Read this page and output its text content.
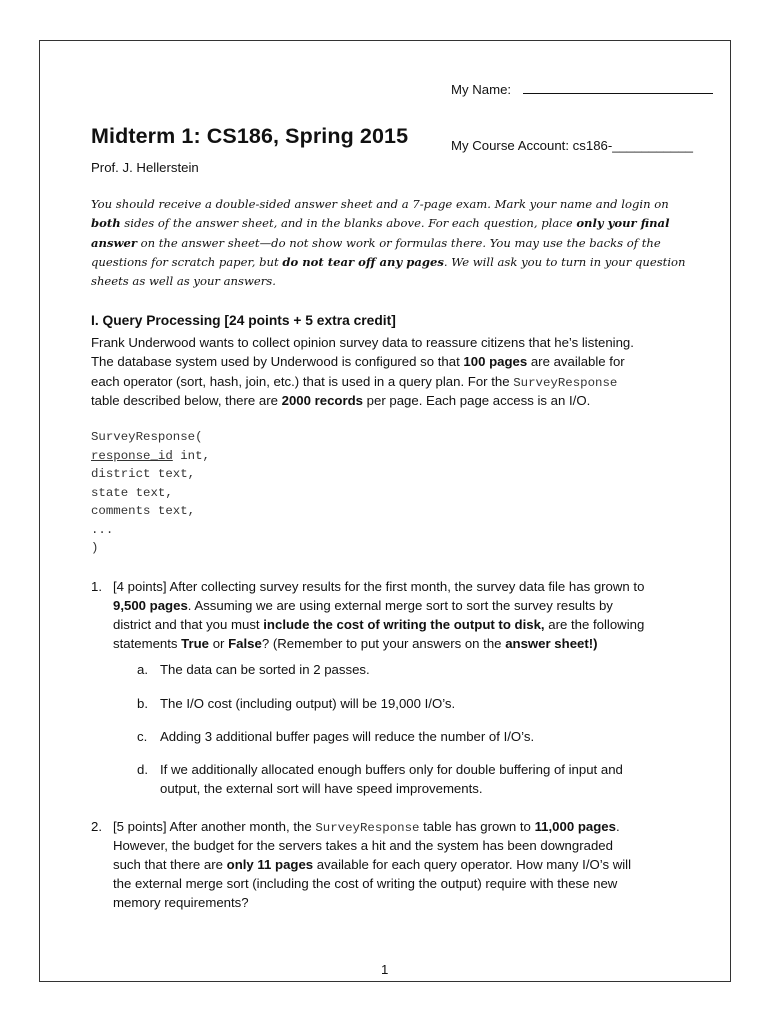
My Name:
Midterm 1: CS186, Spring 2015	My Course Account: cs186-___________
Prof. J. Hellerstein
You should receive a double-sided answer sheet and a 7-page exam. Mark your name and login on
both sides of the answer sheet, and in the blanks above. For each question, place only your final
answer on the answer sheet—do not show work or formulas there. You may use the backs of the
questions for scratch paper, but do not tear off any pages. We will ask you to turn in your question
sheets as well as your answers.
I. Query Processing [24 points + 5 extra credit]
Frank Underwood wants to collect opinion survey data to reassure citizens that he’s listening.
The database system used by Underwood is configured so that 100 pages are available for
each operator (sort, hash, join, etc.) that is used in a query plan. For the SurveyResponse
table described below, there are 2000 records per page. Each page access is an I/O.
SurveyResponse(
response_id int,
district text,
state text,
comments text,
...
)
1. [4 points] After collecting survey results for the first month, the survey data file has grown to
9,500 pages. Assuming we are using external merge sort to sort the survey results by
district and that you must include the cost of writing the output to disk, are the following
statements True or False? (Remember to put your answers on the answer sheet!)
a. The data can be sorted in 2 passes.
b. The I/O cost (including output) will be 19,000 I/O’s.
c. Adding 3 additional buffer pages will reduce the number of I/O’s.
d. If we additionally allocated enough buffers only for double buffering of input and
output, the external sort will have speed improvements.
2. [5 points] After another month, the SurveyResponse table has grown to 11,000 pages.
However, the budget for the servers takes a hit and the system has been downgraded
such that there are only 11 pages available for each query operator. How many I/O’s will
the external merge sort (including the cost of writing the output) require with these new
memory requirements?
1
